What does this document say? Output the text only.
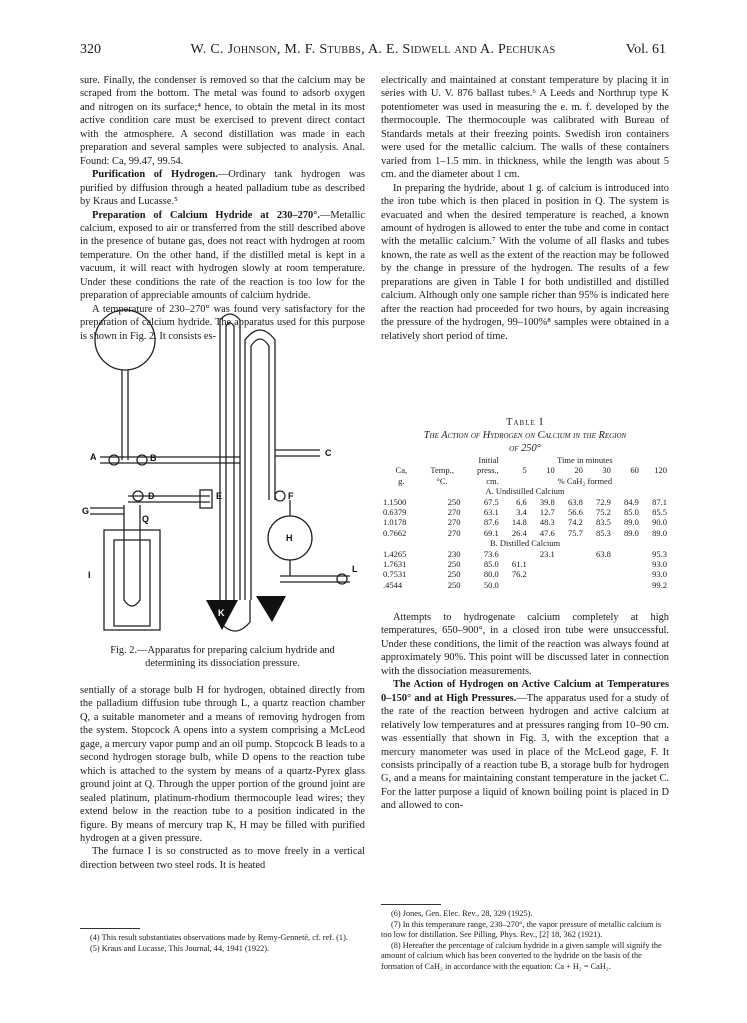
320	W. C. Johnson, M. F. Stubbs, A. E. Sidwell and A. Pechukas	Vol. 61

sure. Finally, the condenser is removed so that the calcium may be scraped from the bottom. The metal was found to adsorb oxygen and nitrogen on its surface;⁴ hence, to obtain the metal in its most active condition care must be exercised to prevent direct contact with the atmosphere. A second distillation was made in each preparation and several samples were subjected to analysis. Anal. Found: Ca, 99.47, 99.54.

Purification of Hydrogen.—Ordinary tank hydrogen was purified by diffusion through a heated palladium tube as described by Kraus and Lucasse.⁵

Preparation of Calcium Hydride at 230–270°.—Metallic calcium, exposed to air or transferred from the still described above in the presence of butane gas, does not react with hydrogen at room temperature. On the other hand, if the distilled metal is kept in a vacuum, it will react with hydrogen slowly at room temperature. Under these conditions the rate of the reaction is too low for the preparation of appreciable amounts of calcium hydride.

A temperature of 230–270° was found very satisfactory for the preparation of calcium hydride. The apparatus used for this purpose is shown in Fig. 2. It consists es-

A	B	C
D	E	F
G
H
I
K
L
Q
Fig. 2.—Apparatus for preparing calcium hydride and
determining its dissociation pressure.

sentially of a storage bulb H for hydrogen, obtained directly from the palladium diffusion tube through L, a quartz reaction chamber Q, a suitable manometer and a means of removing hydrogen from the system. Stopcock A opens into a system comprising a McLeod gage, a mercury vapor pump and an oil pump. Stopcock B leads to a second hydrogen storage bulb, while D opens to the reaction tube which is attached to the system by means of a quartz-Pyrex glass ground joint at Q. Through the upper portion of the ground joint are sealed platinum, platinum-rhodium thermocouple lead wires; they extend below in the reaction tube to a position indicated in the figure. By means of mercury trap K, H may be filled with purified hydrogen at a given pressure.

The furnace I is so constructed as to move freely in a vertical direction between two steel rods. It is heated

(4) This result substantiates observations made by Remy-Gennetè, cf. ref. (1).

(5) Kraus and Lucasse, This Journal, 44, 1941 (1922).

electrically and maintained at constant temperature by placing it in series with U. V. 876 ballast tubes.⁶ A Leeds and Northrup type K potentiometer was used in measuring the e. m. f. developed by the thermocouple. The thermocouple was calibrated with Bureau of Standards metals at their freezing points. Swedish iron containers were used for the metallic calcium. The walls of these containers varied from 1–1.5 mm. in thickness, while the length was about 5 cm. and the diameter about 1 cm.

In preparing the hydride, about 1 g. of calcium is introduced into the iron tube which is then placed in position in Q. The system is evacuated and when the desired temperature is reached, a known amount of hydrogen is allowed to enter the tube and come in contact with the metallic calcium.⁷ With the volume of all flasks and tubes known, the rate as well as the extent of the reaction may be followed by the change in pressure of the hydrogen. The results of a few preparations are given in Table I for both undistilled and distilled calcium. Although only one sample richer than 95% is indicated here after the reaction had proceeded for two hours, by again increasing the pressure of the hydrogen, 99–100%⁸ samples were obtained in a relatively short period of time.

Table I
The Action of Hydrogen on Calcium in the Region
of 250°
		Initial	Time in minutes					
Ca,	Temp.,	press.,	5	10	20	30	60	120
g.	°C.	cm.	% CaH₂ formed					
A. Undistilled Calcium								
1.1500	250	67.5	6.6	39.8	63.8	72.9	84.9	87.1
0.6379	270	63.1	3.4	12.7	56.6	75.2	85.0	85.5
1.0178	270	87.6	14.8	48.3	74.2	83.5	89.0	90.0
0.7662	270	69.1	26.4	47.6	75.7	85.3	89.0	89.0
B. Distilled Calcium								
1.4265	230	73.6		23.1		63.8		95.3
1.7631	250	85.0	61.1					93.0
0.7531	250	80.0	76.2					93.0
.4544	250	50.0						99.2

Attempts to hydrogenate calcium completely at high temperatures, 650–900°, in a closed iron tube were unsuccessful. Under these conditions, the limit of the reaction was always found at approximately 90%. This point will be discussed later in connection with the dissociation measurements.

The Action of Hydrogen on Active Calcium at Temperatures 0–150° and at High Pressures.—The apparatus used for a study of the rate of the reaction between hydrogen and active calcium at relatively low temperatures and at pressures ranging from 10–90 cm. was essentially that shown in Fig. 3, with the exception that a mercury manometer was used in place of the McLeod gage, F. It consists principally of a reaction tube B, a storage bulb for hydrogen G, and a means for maintaining constant temperature in the jacket C. For the latter purpose a liquid of known boiling point is placed in D and allowed to con-

(6) Jones, Gen. Elec. Rev., 28, 329 (1925).

(7) In this temperature range, 230–270°, the vapor pressure of metallic calcium is too low for distillation. See Pilling, Phys. Rev., [2] 18, 362 (1921).

(8) Hereafter the percentage of calcium hydride in a given sample will signify the amount of calcium which has been converted to the hydride on the basis of the formation of CaH₂ in accordance with the equation: Ca + H₂ = CaH₂.
